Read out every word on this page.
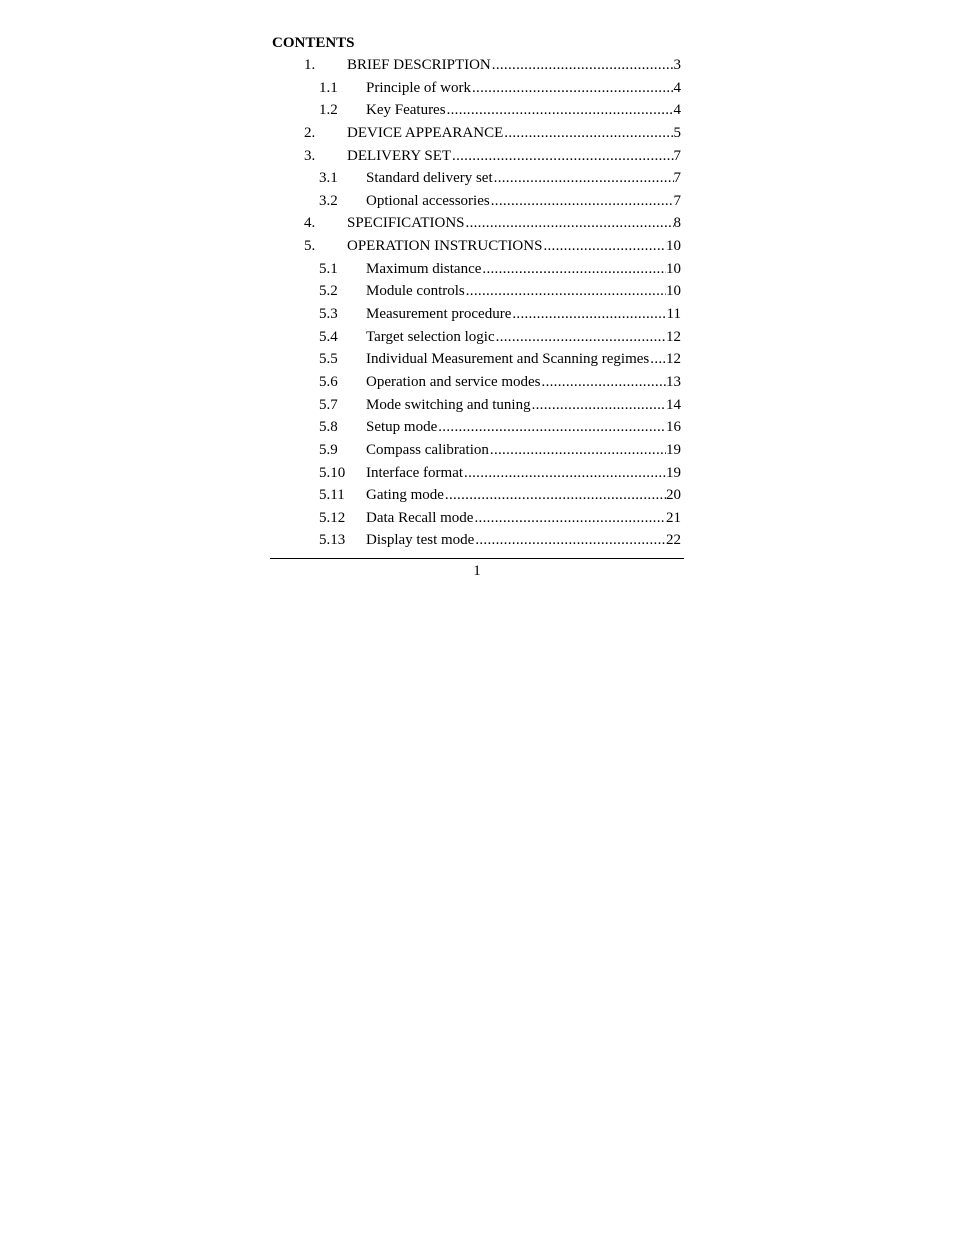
CONTENTS
1. BRIEF DESCRIPTION .....	3
1.1 Principle of work .....	4
1.2 Key Features .....	4
2. DEVICE APPEARANCE .....	5
3. DELIVERY SET .....	7
3.1 Standard delivery set .....	7
3.2 Optional accessories .....	7
4. SPECIFICATIONS .....	8
5. OPERATION INSTRUCTIONS .....	10
5.1 Maximum distance .....	10
5.2 Module controls .....	10
5.3 Measurement procedure .....	11
5.4 Target selection logic .....	12
5.5 Individual Measurement and Scanning regimes ..... 12
5.6 Operation and service modes .....	13
5.7 Mode switching and tuning .....	14
5.8 Setup mode .....	16
5.9 Compass calibration .....	19
5.10 Interface format .....	19
5.11 Gating mode .....	20
5.12 Data Recall mode .....	21
5.13 Display test mode .....	22
1
